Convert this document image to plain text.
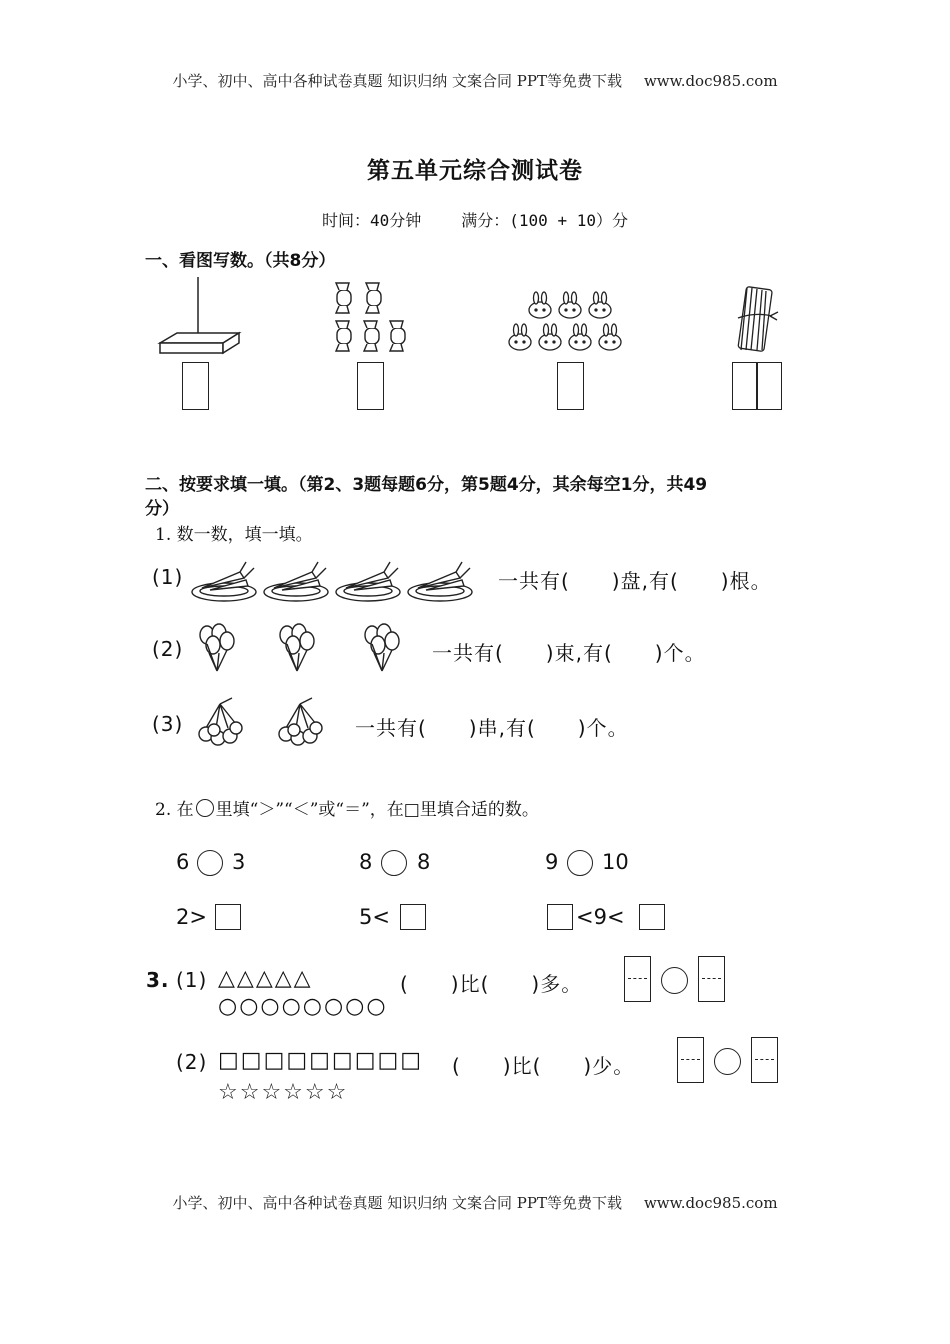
小学、初中、高中各种试卷真题 知识归纳 文案合同 PPT等免费下载 www.doc985.com
第五单元综合测试卷
时间：40分钟	满分：(100 + 10）分
一、看图写数。（共8分）
二、按要求填一填。（第2、3题每题6分，第5题4分，其余每空1分，共49
分）
1. 数一数，填一填。
(1)	一共有(　　)盘,有(　　)根。
(2)	一共有(　　)束,有(　　)个。
(3)	一共有(　　)串,有(　　)个。
2. 在 里填“＞”“＜”或“＝”，在□里填合适的数。
6 3	8 8	9 10
2>	5<	<9<
3. (1) △△△△△
○○○○○○○○
(　　)比(　　)多。
(2) □□□□□□□□□
☆☆☆☆☆☆
(　　)比(　　)少。
小学、初中、高中各种试卷真题 知识归纳 文案合同 PPT等免费下载 www.doc985.com
